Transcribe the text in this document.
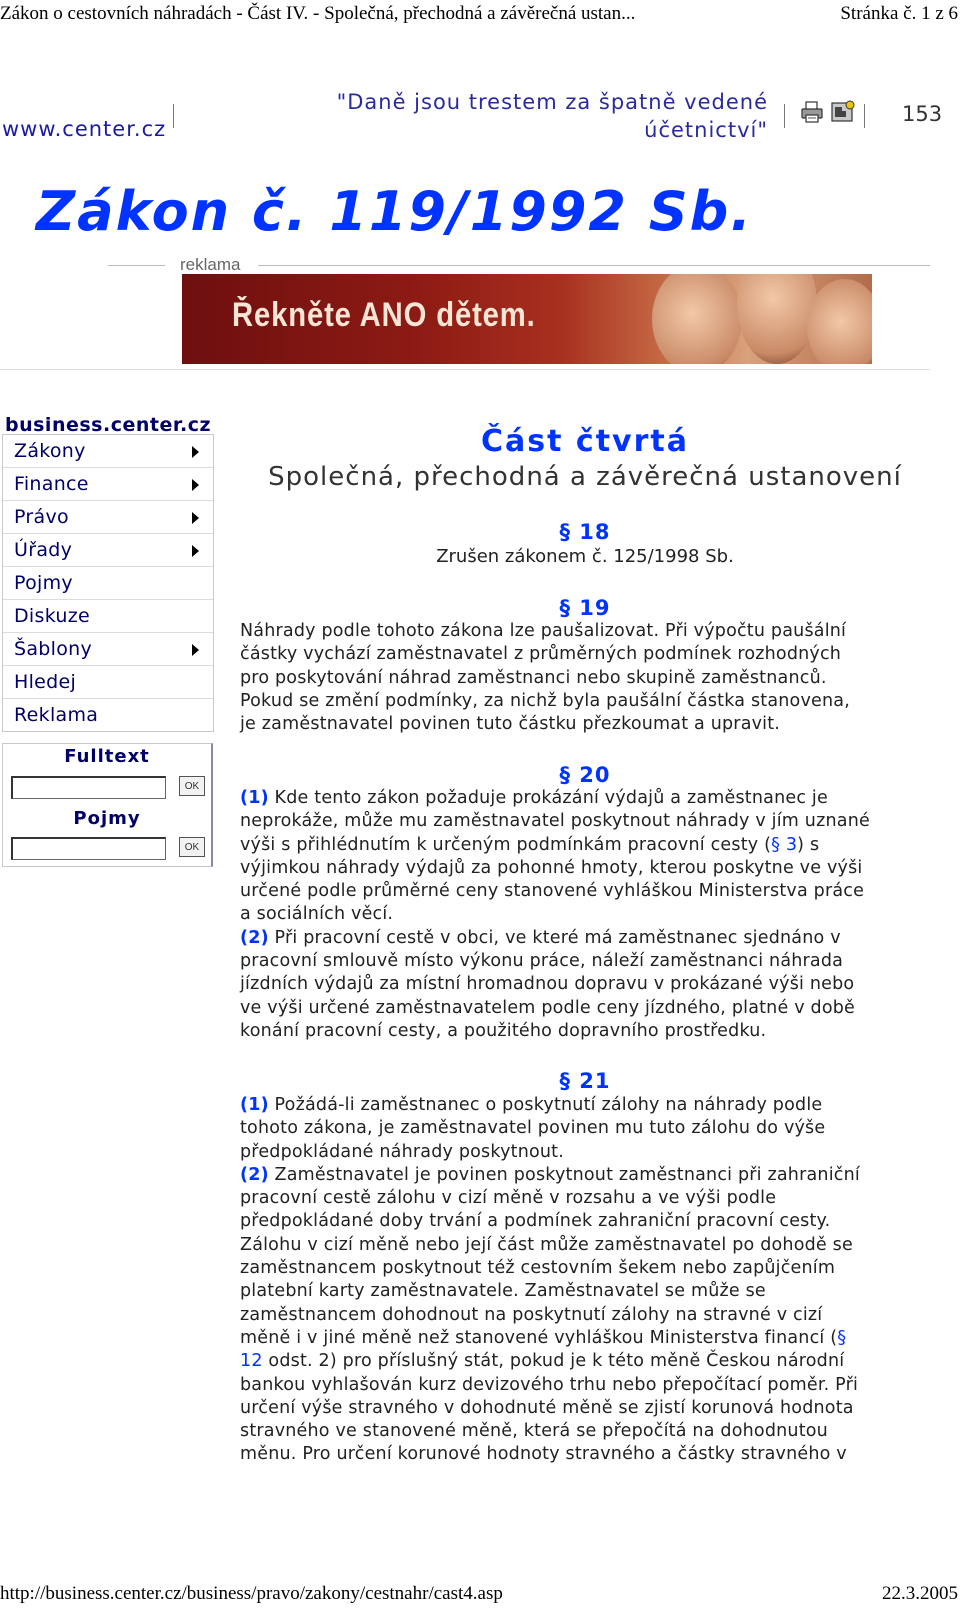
Zákon o cestovních náhradách - Část IV. - Společná, přechodná a závěrečná ustan...	Stránka č. 1 z 6
www.center.cz
"Daně jsou trestem za špatně vedené
účetnictví"
153
Zákon č. 119/1992 Sb.
reklama
Řekněte ANO dětem.
business.center.cz
Zákony
Finance
Právo
Úřady
Pojmy
Diskuze
Šablony
Hledej
Reklama
Fulltext
OK
Pojmy
OK
Část čtvrtá
Společná, přechodná a závěrečná ustanovení
§ 18
Zrušen zákonem č. 125/1998 Sb.
§ 19
Náhrady podle tohoto zákona lze paušalizovat. Při výpočtu paušální
částky vychází zaměstnavatel z průměrných podmínek rozhodných
pro poskytování náhrad zaměstnanci nebo skupině zaměstnanců.
Pokud se změní podmínky, za nichž byla paušální částka stanovena,
je zaměstnavatel povinen tuto částku přezkoumat a upravit.
§ 20
(1) Kde tento zákon požaduje prokázání výdajů a zaměstnanec je
neprokáže, může mu zaměstnavatel poskytnout náhrady v jím uznané
výši s přihlédnutím k určeným podmínkám pracovní cesty (§ 3) s
výjimkou náhrady výdajů za pohonné hmoty, kterou poskytne ve výši
určené podle průměrné ceny stanovené vyhláškou Ministerstva práce
a sociálních věcí.
(2) Při pracovní cestě v obci, ve které má zaměstnanec sjednáno v
pracovní smlouvě místo výkonu práce, náleží zaměstnanci náhrada
jízdních výdajů za místní hromadnou dopravu v prokázané výši nebo
ve výši určené zaměstnavatelem podle ceny jízdného, platné v době
konání pracovní cesty, a použitého dopravního prostředku.
§ 21
(1) Požádá-li zaměstnanec o poskytnutí zálohy na náhrady podle
tohoto zákona, je zaměstnavatel povinen mu tuto zálohu do výše
předpokládané náhrady poskytnout.
(2) Zaměstnavatel je povinen poskytnout zaměstnanci při zahraniční
pracovní cestě zálohu v cizí měně v rozsahu a ve výši podle
předpokládané doby trvání a podmínek zahraniční pracovní cesty.
Zálohu v cizí měně nebo její část může zaměstnavatel po dohodě se
zaměstnancem poskytnout též cestovním šekem nebo zapůjčením
platební karty zaměstnavatele. Zaměstnavatel se může se
zaměstnancem dohodnout na poskytnutí zálohy na stravné v cizí
měně i v jiné měně než stanovené vyhláškou Ministerstva financí (§
12 odst. 2) pro příslušný stát, pokud je k této měně Českou národní
bankou vyhlašován kurz devizového trhu nebo přepočítací poměr. Při
určení výše stravného v dohodnuté měně se zjistí korunová hodnota
stravného ve stanovené měně, která se přepočítá na dohodnutou
měnu. Pro určení korunové hodnoty stravného a částky stravného v
http://business.center.cz/business/pravo/zakony/cestnahr/cast4.asp	22.3.2005
